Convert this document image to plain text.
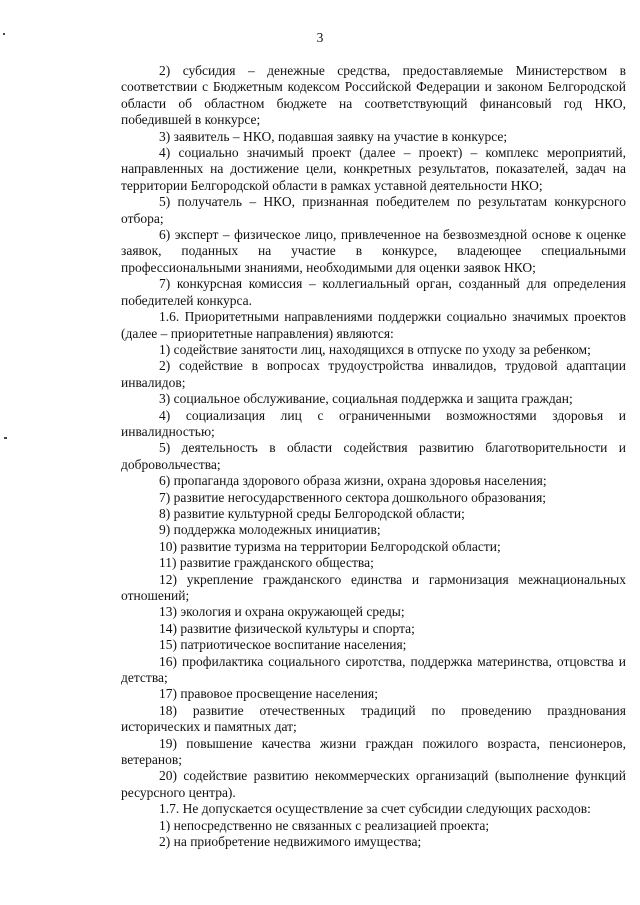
3

2) субсидия – денежные средства, предоставляемые Министерством в соответствии с Бюджетным кодексом Российской Федерации и законом Белгородской области об областном бюджете на соответствующий финансовый год НКО, победившей в конкурсе;

3) заявитель – НКО, подавшая заявку на участие в конкурсе;

4) социально значимый проект (далее – проект) – комплекс мероприятий, направленных на достижение цели, конкретных результатов, показателей, задач на территории Белгородской области в рамках уставной деятельности НКО;

5) получатель – НКО, признанная победителем по результатам конкурсного отбора;

6) эксперт – физическое лицо, привлеченное на безвозмездной основе к оценке заявок, поданных на участие в конкурсе, владеющее специальными профессиональными знаниями, необходимыми для оценки заявок НКО;

7) конкурсная комиссия – коллегиальный орган, созданный для определения победителей конкурса.

1.6. Приоритетными направлениями поддержки социально значимых проектов (далее – приоритетные направления) являются:

1) содействие занятости лиц, находящихся в отпуске по уходу за ребенком;

2) содействие в вопросах трудоустройства инвалидов, трудовой адаптации инвалидов;

3) социальное обслуживание, социальная поддержка и защита граждан;

4) социализация лиц с ограниченными возможностями здоровья и инвалидностью;

5) деятельность в области содействия развитию благотворительности и добровольчества;

6) пропаганда здорового образа жизни, охрана здоровья населения;

7) развитие негосударственного сектора дошкольного образования;

8) развитие культурной среды Белгородской области;

9) поддержка молодежных инициатив;

10) развитие туризма на территории Белгородской области;

11) развитие гражданского общества;

12) укрепление гражданского единства и гармонизация межнациональных отношений;

13) экология и охрана окружающей среды;

14) развитие физической культуры и спорта;

15) патриотическое воспитание населения;

16) профилактика социального сиротства, поддержка материнства, отцовства и детства;

17) правовое просвещение населения;

18) развитие отечественных традиций по проведению празднования исторических и памятных дат;

19) повышение качества жизни граждан пожилого возраста, пенсионеров, ветеранов;

20) содействие развитию некоммерческих организаций (выполнение функций ресурсного центра).

1.7. Не допускается осуществление за счет субсидии следующих расходов:

1) непосредственно не связанных с реализацией проекта;

2) на приобретение недвижимого имущества;
